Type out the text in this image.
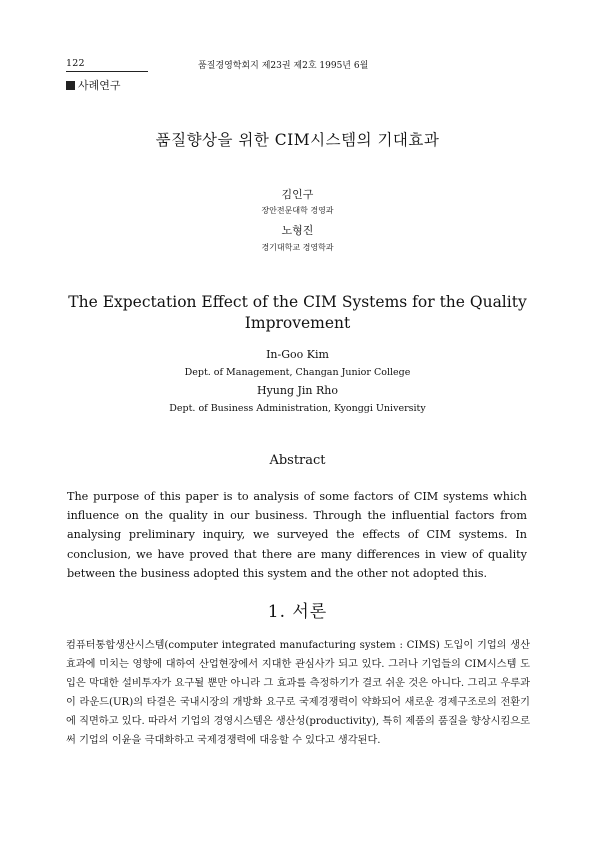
122	품질경영학회지 제23권 제2호 1995년 6월
사례연구
품질향상을 위한 CIM시스템의 기대효과
김인구
장안전문대학 경영과
노형진
경기대학교 경영학과
The Expectation Effect of the CIM Systems for the Quality Improvement
In-Goo Kim
Dept. of Management, Changan Junior College
Hyung Jin Rho
Dept. of Business Administration, Kyonggi University
Abstract

The purpose of this paper is to analysis of some factors of CIM systems which influence on the quality in our business. Through the influential factors from analysing preliminary inquiry, we surveyed the effects of CIM systems. In conclusion, we have proved that there are many differences in view of quality between the business adopted this system and the other not adopted this.

1. 서론

컴퓨터통합생산시스템(computer integrated manufacturing system : CIMS) 도입이 기업의 생산효과에 미치는 영향에 대하여 산업현장에서 지대한 관심사가 되고 있다. 그러나 기업들의 CIM시스템 도입은 막대한 설비투자가 요구될 뿐만 아니라 그 효과를 측정하기가 결코 쉬운 것은 아니다. 그리고 우루과이 라운드(UR)의 타결은 국내시장의 개방화 요구로 국제경쟁력이 약화되어 새로운 경제구조로의 전환기에 직면하고 있다. 따라서 기업의 경영시스템은 생산성(productivity), 특히 제품의 품질을 향상시킴으로써 기업의 이윤을 극대화하고 국제경쟁력에 대응할 수 있다고 생각된다.
